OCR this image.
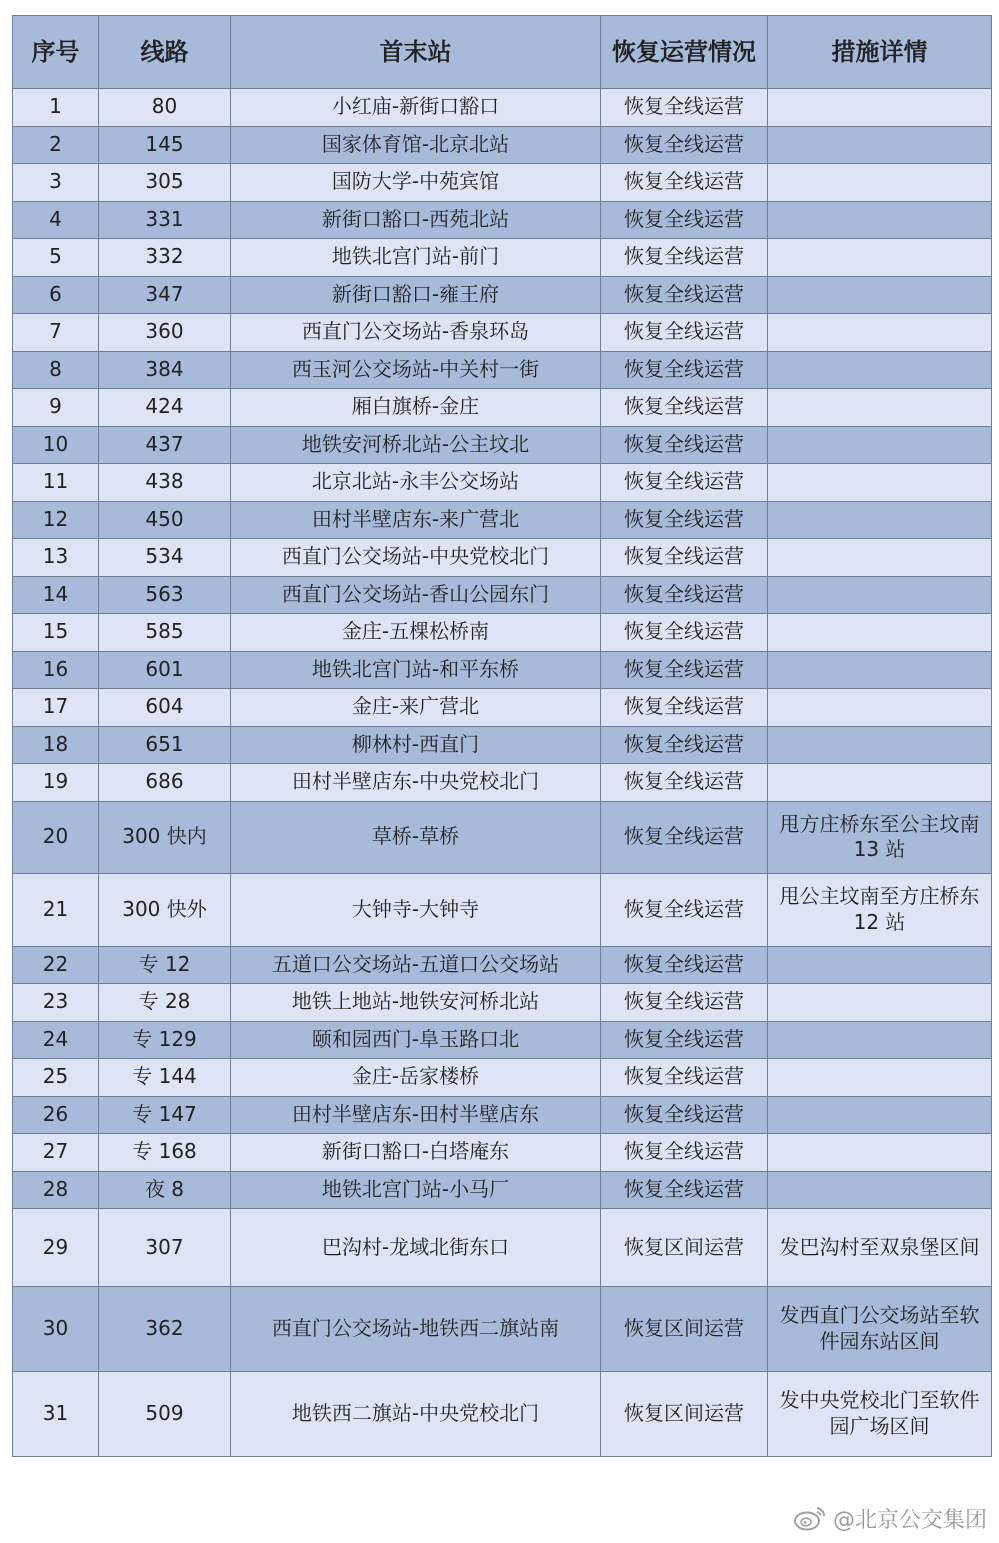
序号	线路	首末站	恢复运营情况	措施详情
1	80	小红庙-新街口豁口	恢复全线运营	
2	145	国家体育馆-北京北站	恢复全线运营	
3	305	国防大学-中苑宾馆	恢复全线运营	
4	331	新街口豁口-西苑北站	恢复全线运营	
5	332	地铁北宫门站-前门	恢复全线运营	
6	347	新街口豁口-雍王府	恢复全线运营	
7	360	西直门公交场站-香泉环岛	恢复全线运营	
8	384	西玉河公交场站-中关村一街	恢复全线运营	
9	424	厢白旗桥-金庄	恢复全线运营	
10	437	地铁安河桥北站-公主坟北	恢复全线运营	
11	438	北京北站-永丰公交场站	恢复全线运营	
12	450	田村半壁店东-来广营北	恢复全线运营	
13	534	西直门公交场站-中央党校北门	恢复全线运营	
14	563	西直门公交场站-香山公园东门	恢复全线运营	
15	585	金庄-五棵松桥南	恢复全线运营	
16	601	地铁北宫门站-和平东桥	恢复全线运营	
17	604	金庄-来广营北	恢复全线运营	
18	651	柳林村-西直门	恢复全线运营	
19	686	田村半壁店东-中央党校北门	恢复全线运营	
20	300 快内	草桥-草桥	恢复全线运营	甩方庄桥东至公主坟南 13 站
21	300 快外	大钟寺-大钟寺	恢复全线运营	甩公主坟南至方庄桥东 12 站
22	专 12	五道口公交场站-五道口公交场站	恢复全线运营	
23	专 28	地铁上地站-地铁安河桥北站	恢复全线运营	
24	专 129	颐和园西门-阜玉路口北	恢复全线运营	
25	专 144	金庄-岳家楼桥	恢复全线运营	
26	专 147	田村半壁店东-田村半壁店东	恢复全线运营	
27	专 168	新街口豁口-白塔庵东	恢复全线运营	
28	夜 8	地铁北宫门站-小马厂	恢复全线运营	
29	307	巴沟村-龙域北街东口	恢复区间运营	发巴沟村至双泉堡区间
30	362	西直门公交场站-地铁西二旗站南	恢复区间运营	发西直门公交场站至软件园东站区间
31	509	地铁西二旗站-中央党校北门	恢复区间运营	发中央党校北门至软件园广场区间
@北京公交集团
